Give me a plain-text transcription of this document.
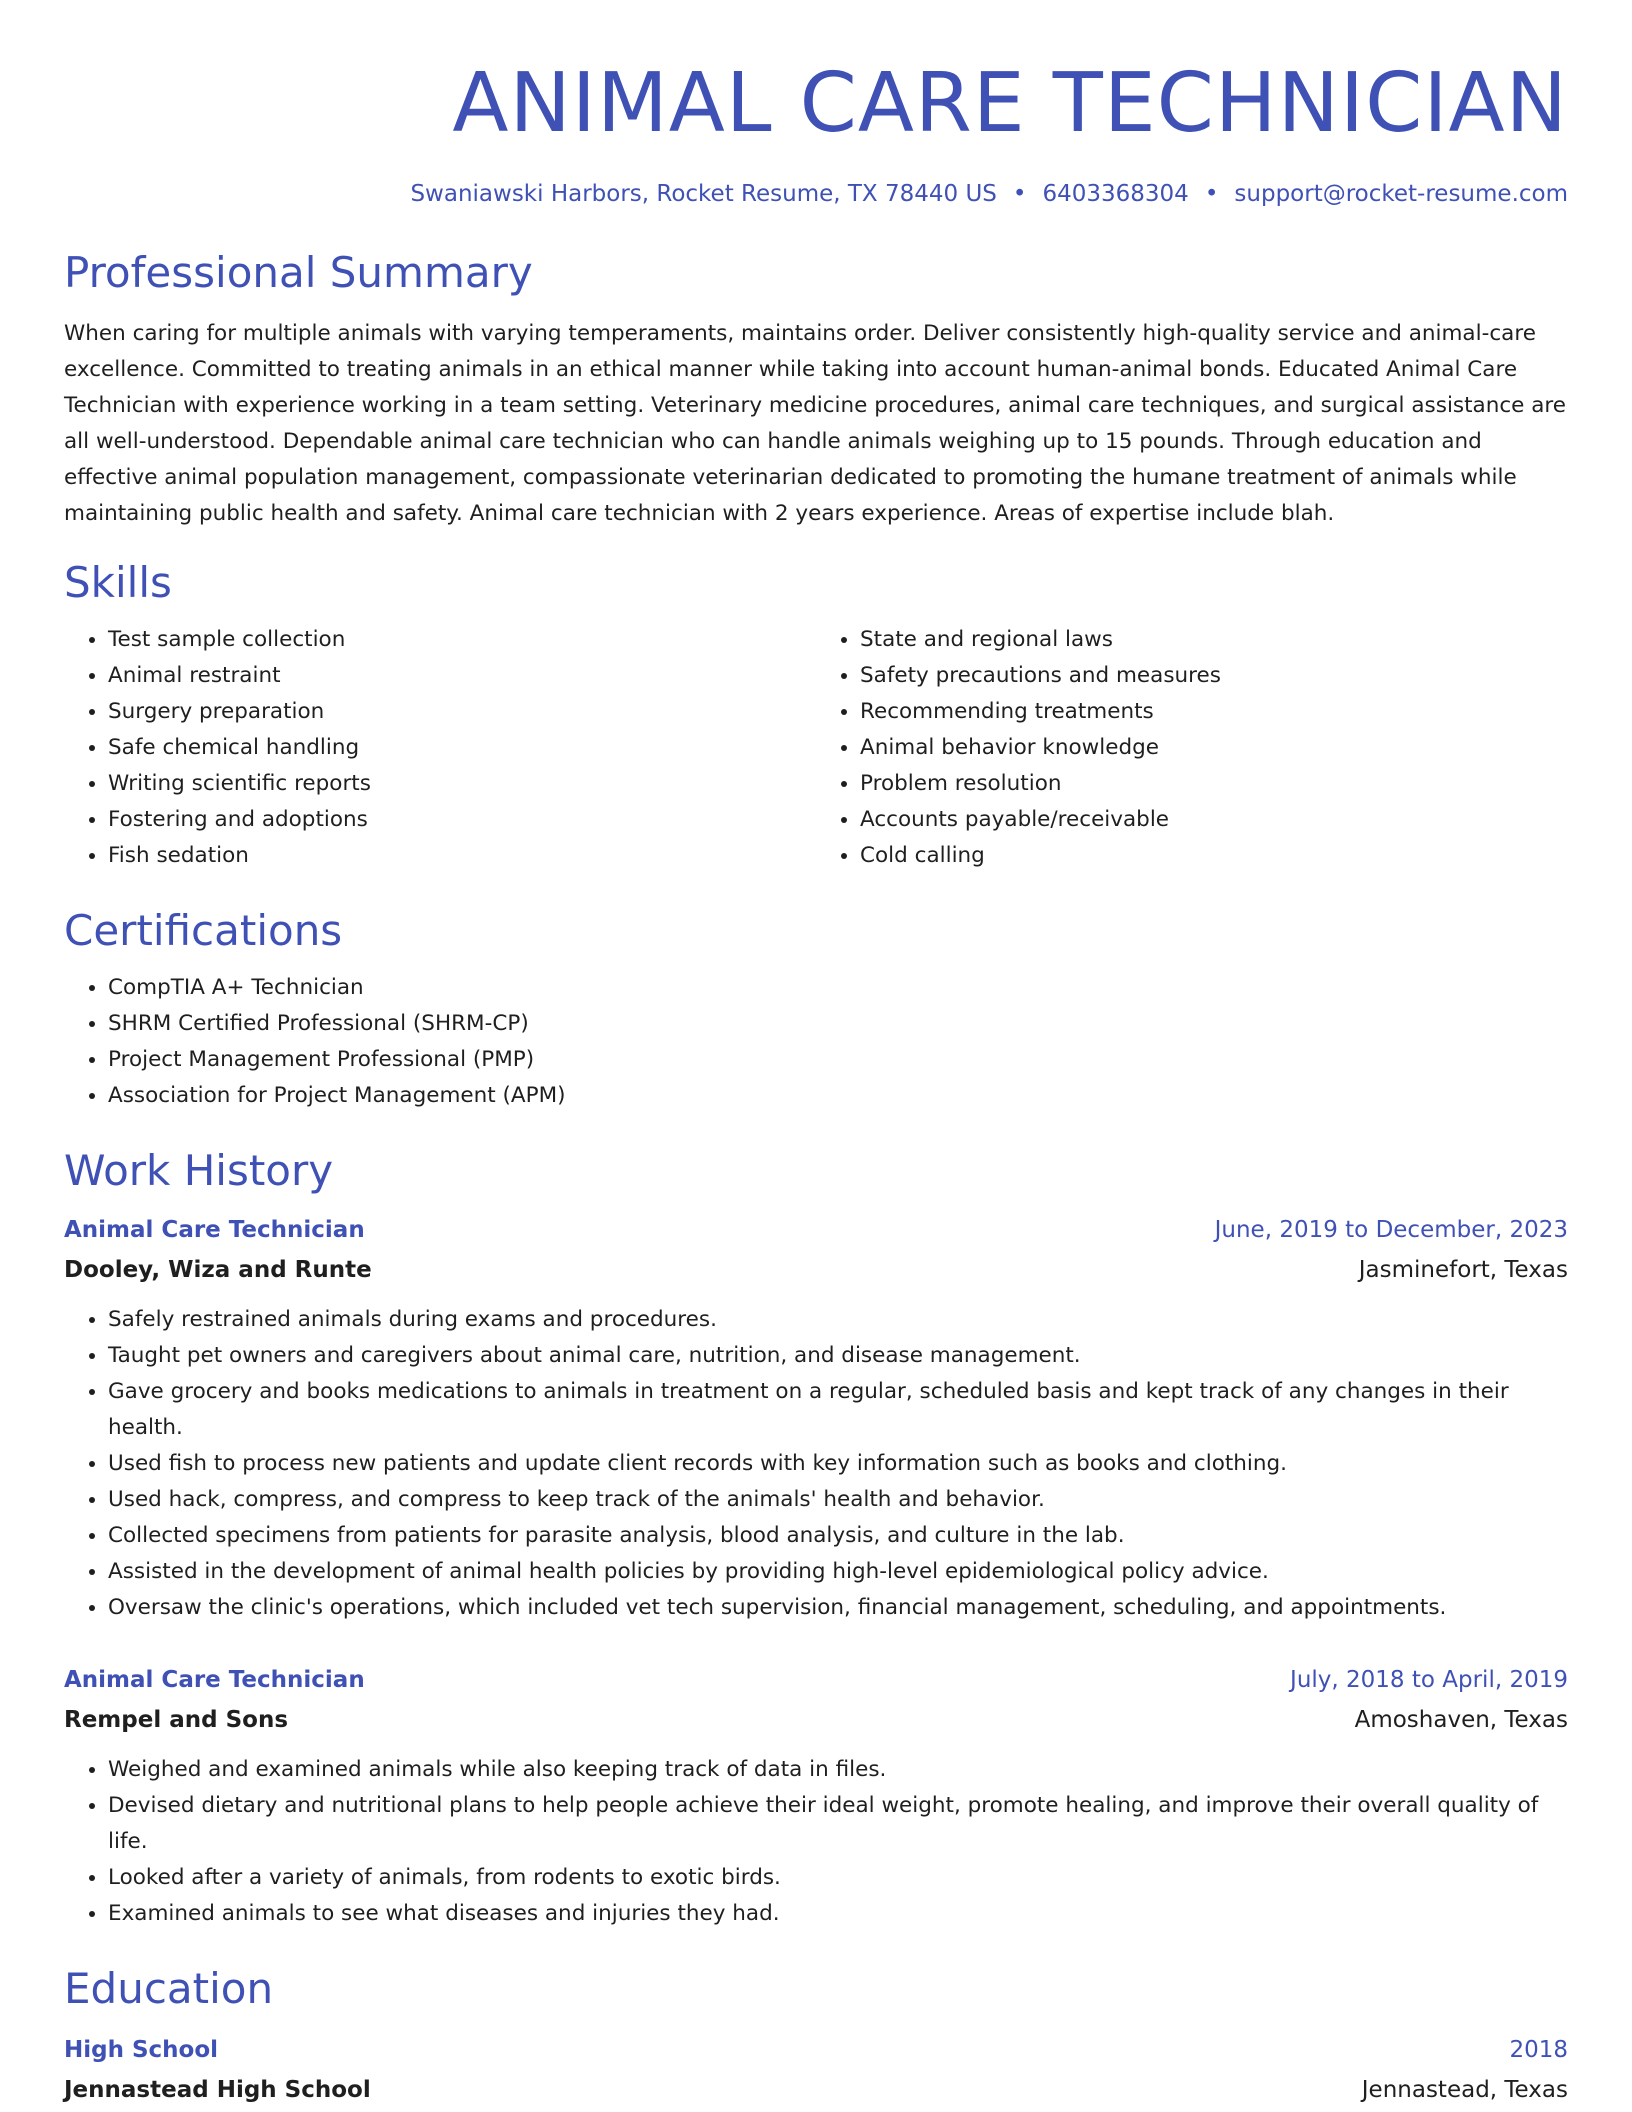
ANIMAL CARE TECHNICIAN
Swaniawski Harbors, Rocket Resume, TX 78440 US • 6403368304 • support@rocket-resume.com
Professional Summary

When caring for multiple animals with varying temperaments, maintains order. Deliver consistently high-quality service and animal-care excellence. Committed to treating animals in an ethical manner while taking into account human-animal bonds. Educated Animal Care Technician with experience working in a team setting. Veterinary medicine procedures, animal care techniques, and surgical assistance are all well-understood. Dependable animal care technician who can handle animals weighing up to 15 pounds. Through education and effective animal population management, compassionate veterinarian dedicated to promoting the humane treatment of animals while maintaining public health and safety. Animal care technician with 2 years experience. Areas of expertise include blah.

Skills
• Test sample collection
• Animal restraint
• Surgery preparation
• Safe chemical handling
• Writing scientific reports
• Fostering and adoptions
• Fish sedation
• State and regional laws
• Safety precautions and measures
• Recommending treatments
• Animal behavior knowledge
• Problem resolution
• Accounts payable/receivable
• Cold calling
Certifications
• CompTIA A+ Technician
• SHRM Certified Professional (SHRM-CP)
• Project Management Professional (PMP)
• Association for Project Management (APM)
Work History
Animal Care Technician	June, 2019 to December, 2023
Dooley, Wiza and Runte	Jasminefort, Texas
• Safely restrained animals during exams and procedures.
• Taught pet owners and caregivers about animal care, nutrition, and disease management.
• Gave grocery and books medications to animals in treatment on a regular, scheduled basis and kept track of any changes in their health.
• Used fish to process new patients and update client records with key information such as books and clothing.
• Used hack, compress, and compress to keep track of the animals' health and behavior.
• Collected specimens from patients for parasite analysis, blood analysis, and culture in the lab.
• Assisted in the development of animal health policies by providing high-level epidemiological policy advice.
• Oversaw the clinic's operations, which included vet tech supervision, financial management, scheduling, and appointments.
Animal Care Technician	July, 2018 to April, 2019
Rempel and Sons	Amoshaven, Texas
• Weighed and examined animals while also keeping track of data in files.
• Devised dietary and nutritional plans to help people achieve their ideal weight, promote healing, and improve their overall quality of life.
• Looked after a variety of animals, from rodents to exotic birds.
• Examined animals to see what diseases and injuries they had.
Education
High School	2018
Jennastead High School	Jennastead, Texas
